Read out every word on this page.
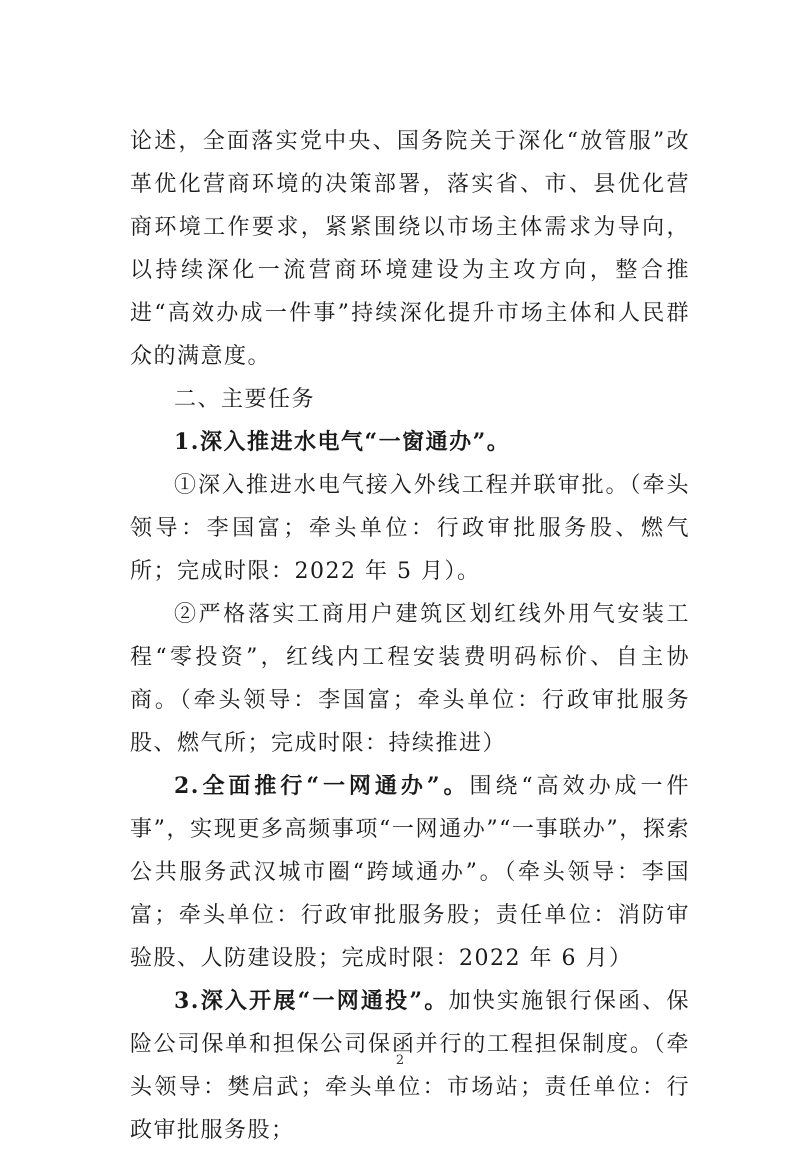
论述，全面落实党中央、国务院关于深化“放管服”改革优化营商环境的决策部署，落实省、市、县优化营商环境工作要求，紧紧围绕以市场主体需求为导向，以持续深化一流营商环境建设为主攻方向，整合推进“高效办成一件事”持续深化提升市场主体和人民群众的满意度。

二、主要任务

1.深入推进水电气“一窗通办”。

①深入推进水电气接入外线工程并联审批。（牵头领导：李国富；牵头单位：行政审批服务股、燃气所；完成时限：2022 年 5 月）。

②严格落实工商用户建筑区划红线外用气安装工程“零投资”，红线内工程安装费明码标价、自主协商。（牵头领导：李国富；牵头单位：行政审批服务股、燃气所；完成时限：持续推进）

2.全面推行“一网通办”。围绕“高效办成一件事”，实现更多高频事项“一网通办”“一事联办”，探索公共服务武汉城市圈“跨域通办”。（牵头领导：李国富；牵头单位：行政审批服务股；责任单位：消防审验股、人防建设股；完成时限：2022 年 6 月）

3.深入开展“一网通投”。加快实施银行保函、保险公司保单和担保公司保函并行的工程担保制度。（牵头领导：樊启武；牵头单位：市场站；责任单位：行政审批服务股；

2
